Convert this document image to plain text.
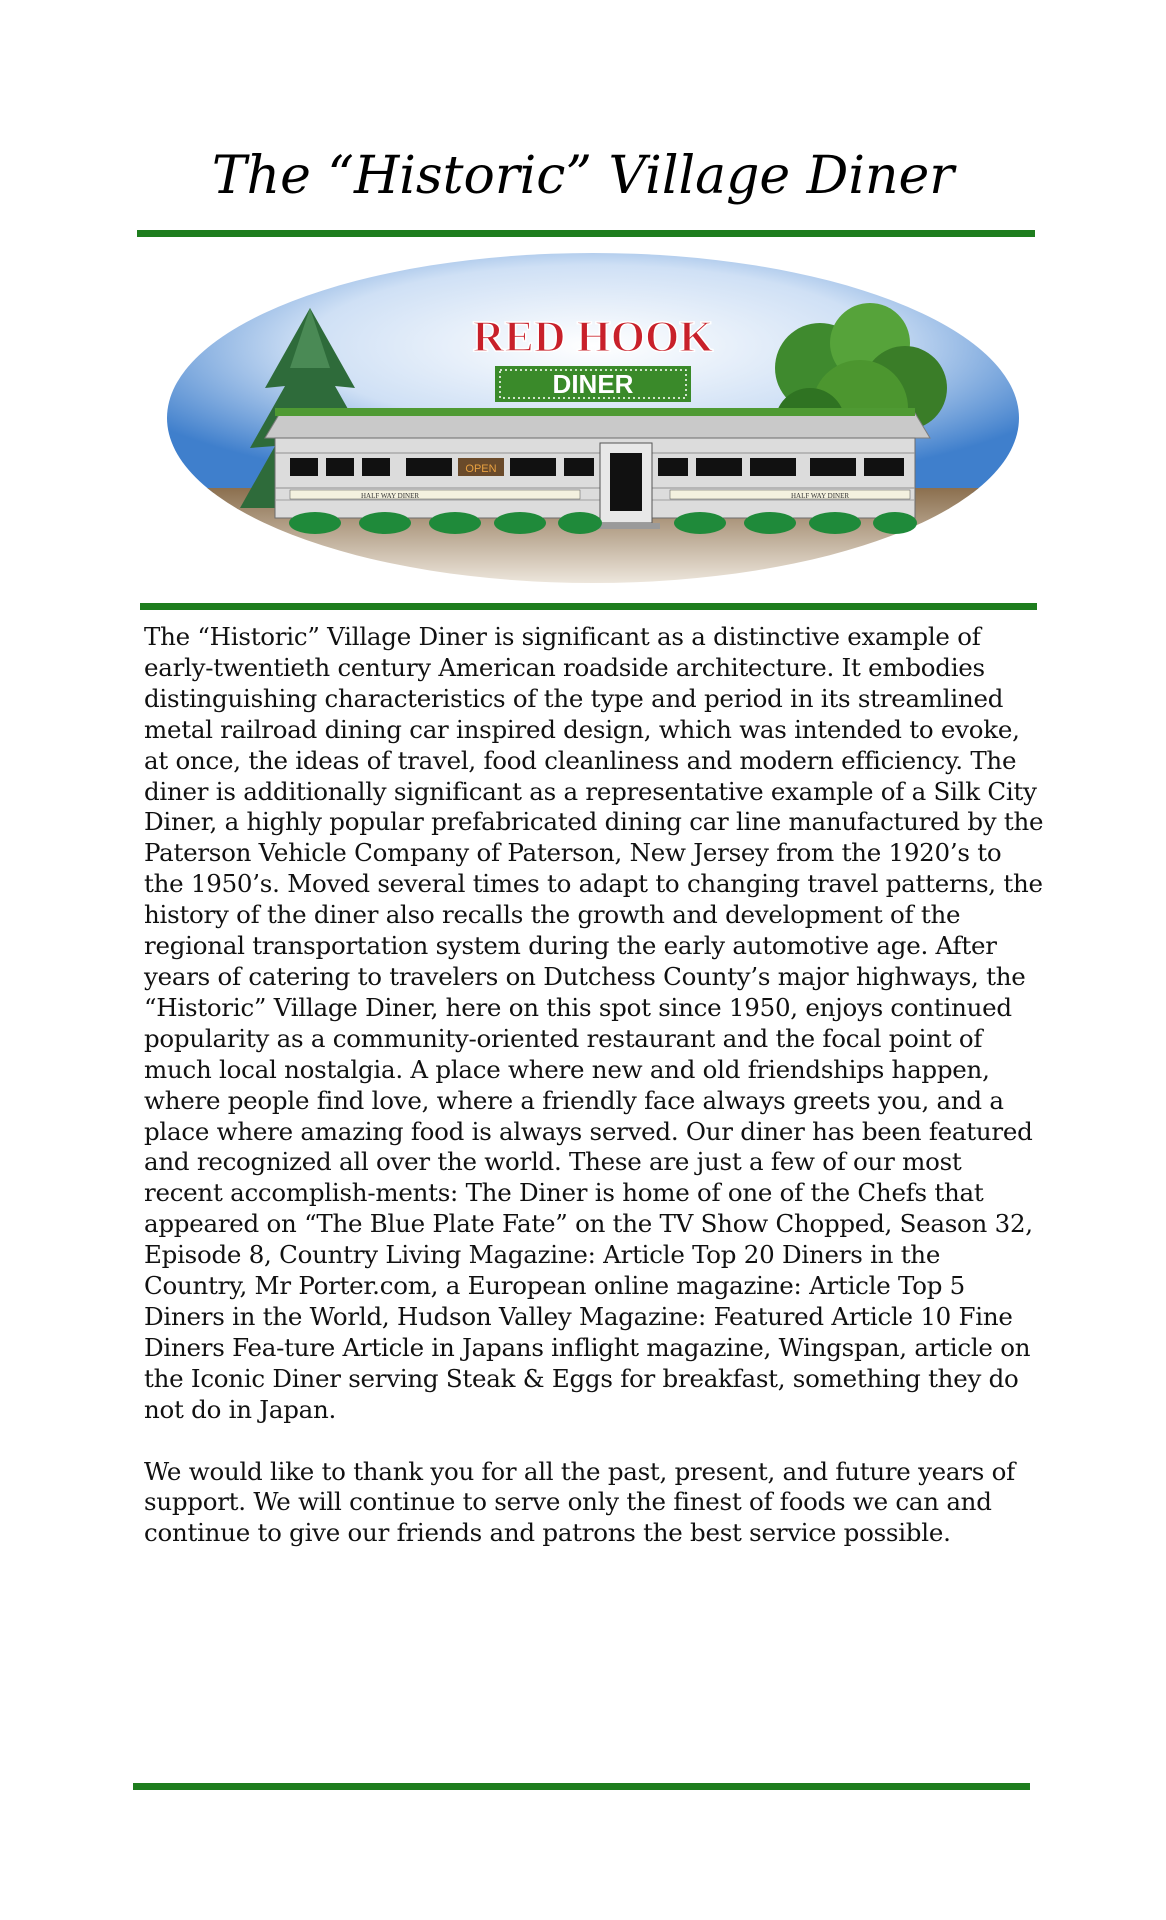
The “Historic” Village Diner
RED HOOK
DINER
OPEN
HALF WAY DINER	HALF WAY DINER

The “Historic” Village Diner is significant as a distinctive example of early-twentieth century American roadside architecture. It embodies distinguishing characteristics of the type and period in its streamlined metal railroad dining car inspired design, which was intended to evoke, at once, the ideas of travel, food cleanliness and modern efficiency. The diner is additionally significant as a representative example of a Silk City Diner, a highly popular prefabricated dining car line manufactured by the Paterson Vehicle Company of Paterson, New Jersey from the 1920’s to the 1950’s. Moved several times to adapt to changing travel patterns, the history of the diner also recalls the growth and development of the regional transportation system during the early automotive age. After years of catering to travelers on Dutchess County’s major highways, the “Historic” Village Diner, here on this spot since 1950, enjoys continued popularity as a community-oriented restaurant and the focal point of much local nostalgia. A place where new and old friendships happen, where people find love, where a friendly face always greets you, and a place where amazing food is always served. Our diner has been featured and recognized all over the world. These are just a few of our most recent accomplish-ments: The Diner is home of one of the Chefs that appeared on “The Blue Plate Fate” on the TV Show Chopped, Season 32, Episode 8, Country Living Magazine: Article Top 20 Diners in the Country, Mr Porter.com, a European online magazine: Article Top 5 Diners in the World, Hudson Valley Magazine: Featured Article 10 Fine Diners Fea-ture Article in Japans inflight magazine, Wingspan, article on the Iconic Diner serving Steak & Eggs for breakfast, something they do not do in Japan.

We would like to thank you for all the past, present, and future years of support. We will continue to serve only the finest of foods we can and continue to give our friends and patrons the best service possible.
